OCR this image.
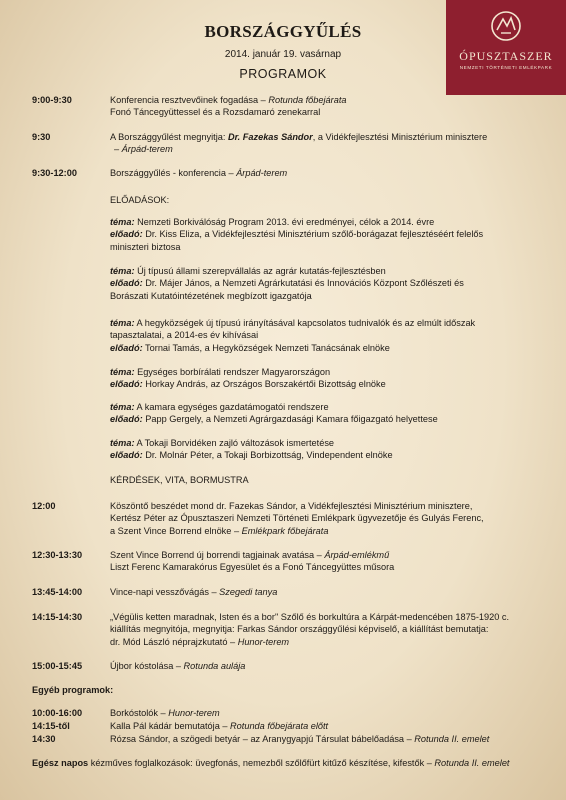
ÓPUSZTASZER
NEMZETI TÖRTÉNETI EMLÉKPARK
BORSZÁGGYŰLÉS
2014. január 19. vasárnap
PROGRAMOK
9:00-9:30	Konferencia resztvevőinek fogadása – Rotunda főbejárata
Fonó Táncegyüttessel és a Rozsdamaró zenekarral
9:30	A Bországgyűlést megnyitja: Dr. Fazekas Sándor, a Vidékfejlesztési Minisztérium minisztere
– Árpád-terem
9:30-12:00	Bországgyűlés - konferencia – Árpád-terem
ELŐADÁSOK:
téma: Nemzeti Borkiválóság Program 2013. évi eredményei, célok a 2014. évre
előadó: Dr. Kiss Eliza, a Vidékfejlesztési Minisztérium szőlő-borágazat fejlesztéséért felelős
miniszteri biztosa
téma: Új típusú állami szerepvállalás az agrár kutatás-fejlesztésben
előadó: Dr. Májer János, a Nemzeti Agrárkutatási és Innovációs Központ Szőlészeti és
Borászati Kutatóintézetének megbízott igazgatója
téma: A hegyközségek új típusú irányításával kapcsolatos tudnivalók és az elmúlt időszak
tapasztalatai, a 2014-es év kihívásai
előadó: Tornai Tamás, a Hegyközségek Nemzeti Tanácsának elnöke
téma: Egységes borbírálati rendszer Magyarországon
előadó: Horkay András, az Országos Borszakértői Bizottság elnöke
téma: A kamara egységes gazdatámogatói rendszere
előadó: Papp Gergely, a Nemzeti Agrárgazdasági Kamara főigazgató helyettese
téma: A Tokaji Borvidéken zajló változások ismertetése
előadó: Dr. Molnár Péter, a Tokaji Borbizottság, Vindependent elnöke
KÉRDÉSEK, VITA, BORMUSTRA
12:00	Köszöntő beszédet mond dr. Fazekas Sándor, a Vidékfejlesztési Minisztérium minisztere,
Kertész Péter az Ópusztaszeri Nemzeti Történeti Emlékpark ügyvezetője és Gulyás Ferenc,
a Szent Vince Borrend elnöke – Emlékpark főbejárata
12:30-13:30	Szent Vince Borrend új borrendi tagjainak avatása – Árpád-emlékmű
Liszt Ferenc Kamarakórus Egyesület és a Fonó Táncegyüttes műsora
13:45-14:00	Vince-napi vesszővágás – Szegedi tanya
14:15-14:30	„Végülis ketten maradnak, Isten és a bor" Szőlő és borkultúra a Kárpát-medencében 1875-1920 c.
kiállítás megnyitója, megnyitja: Farkas Sándor országgyűlési képviselő, a kiállítást bemutatja:
dr. Mód László néprajzkutató – Hunor-terem
15:00-15:45	Újbor kóstolása – Rotunda aulája
Egyéb programok:
10:00-16:00	Borkóstolók – Hunor-terem
14:15-től	Kalla Pál kádár bemutatója – Rotunda főbejárata előtt
14:30	Rózsa Sándor, a szögedi betyár – az Aranygyapjú Társulat bábelőadása – Rotunda II. emelet
Egész napos kézműves foglalkozások: üvegfonás, nemezből szőlőfürt kitűző készítése, kifestők – Rotunda II. emelet
